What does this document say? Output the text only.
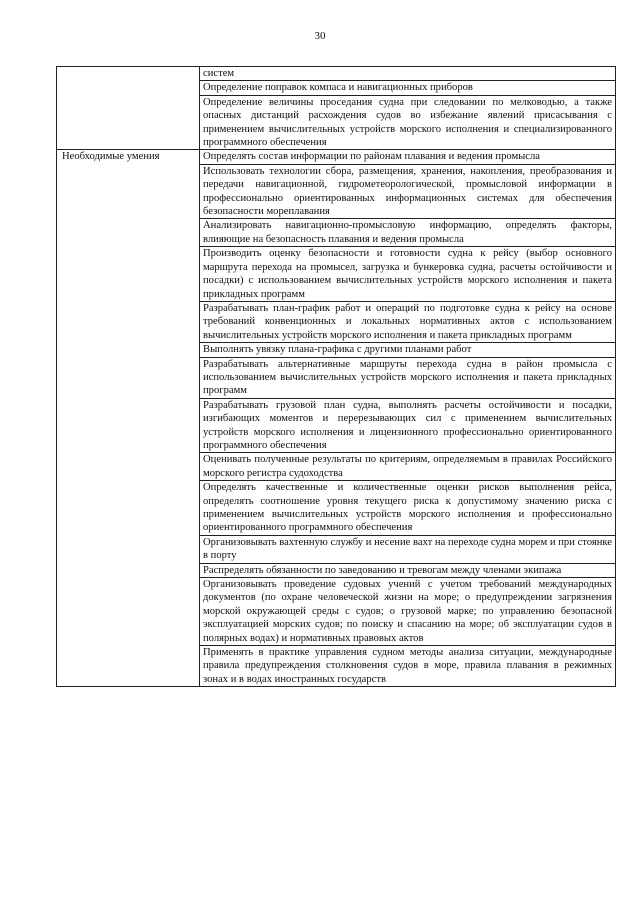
30
	систем
	Определение поправок компаса и навигационных приборов
	Определение величины проседания судна при следовании по мелководью, а также опасных дистанций расхождения судов во избежание явлений присасывания с применением вычислительных устройств морского исполнения и специализированного программного обеспечения
Необходимые умения	Определять состав информации по районам плавания и ведения промысла
	Использовать технологии сбора, размещения, хранения, накопления, преобразования и передачи навигационной, гидрометеорологической, промысловой информации в профессионально ориентированных информационных системах для обеспечения безопасности мореплавания
	Анализировать навигационно-промысловую информацию, определять факторы, влияющие на безопасность плавания и ведения промысла
	Производить оценку безопасности и готовности судна к рейсу (выбор основного маршрута перехода на промысел, загрузка и бункеровка судна, расчеты остойчивости и посадки) с использованием вычислительных устройств морского исполнения и пакета прикладных программ
	Разрабатывать план-график работ и операций по подготовке судна к рейсу на основе требований конвенционных и локальных нормативных актов с использованием вычислительных устройств морского исполнения и пакета прикладных программ
	Выполнять увязку плана-графика с другими планами работ
	Разрабатывать альтернативные маршруты перехода судна в район промысла с использованием вычислительных устройств морского исполнения и пакета прикладных программ
	Разрабатывать грузовой план судна, выполнять расчеты остойчивости и посадки, изгибающих моментов и перерезывающих сил с применением вычислительных устройств морского исполнения и лицензионного профессионально ориентированного программного обеспечения
	Оценивать полученные результаты по критериям, определяемым в правилах Российского морского регистра судоходства
	Определять качественные и количественные оценки рисков выполнения рейса, определять соотношение уровня текущего риска к допустимому значению риска с применением вычислительных устройств морского исполнения и профессионально ориентированного программного обеспечения
	Организовывать вахтенную службу и несение вахт на переходе судна морем и при стоянке в порту
	Распределять обязанности по заведованию и тревогам между членами экипажа
	Организовывать проведение судовых учений с учетом требований международных документов (по охране человеческой жизни на море; о предупреждении загрязнения морской окружающей среды с судов; о грузовой марке; по управлению безопасной эксплуатацией морских судов; по поиску и спасанию на море; об эксплуатации судов в полярных водах) и нормативных правовых актов
	Применять в практике управления судном методы анализа ситуации, международные правила предупреждения столкновения судов в море, правила плавания в режимных зонах и в водах иностранных государств
